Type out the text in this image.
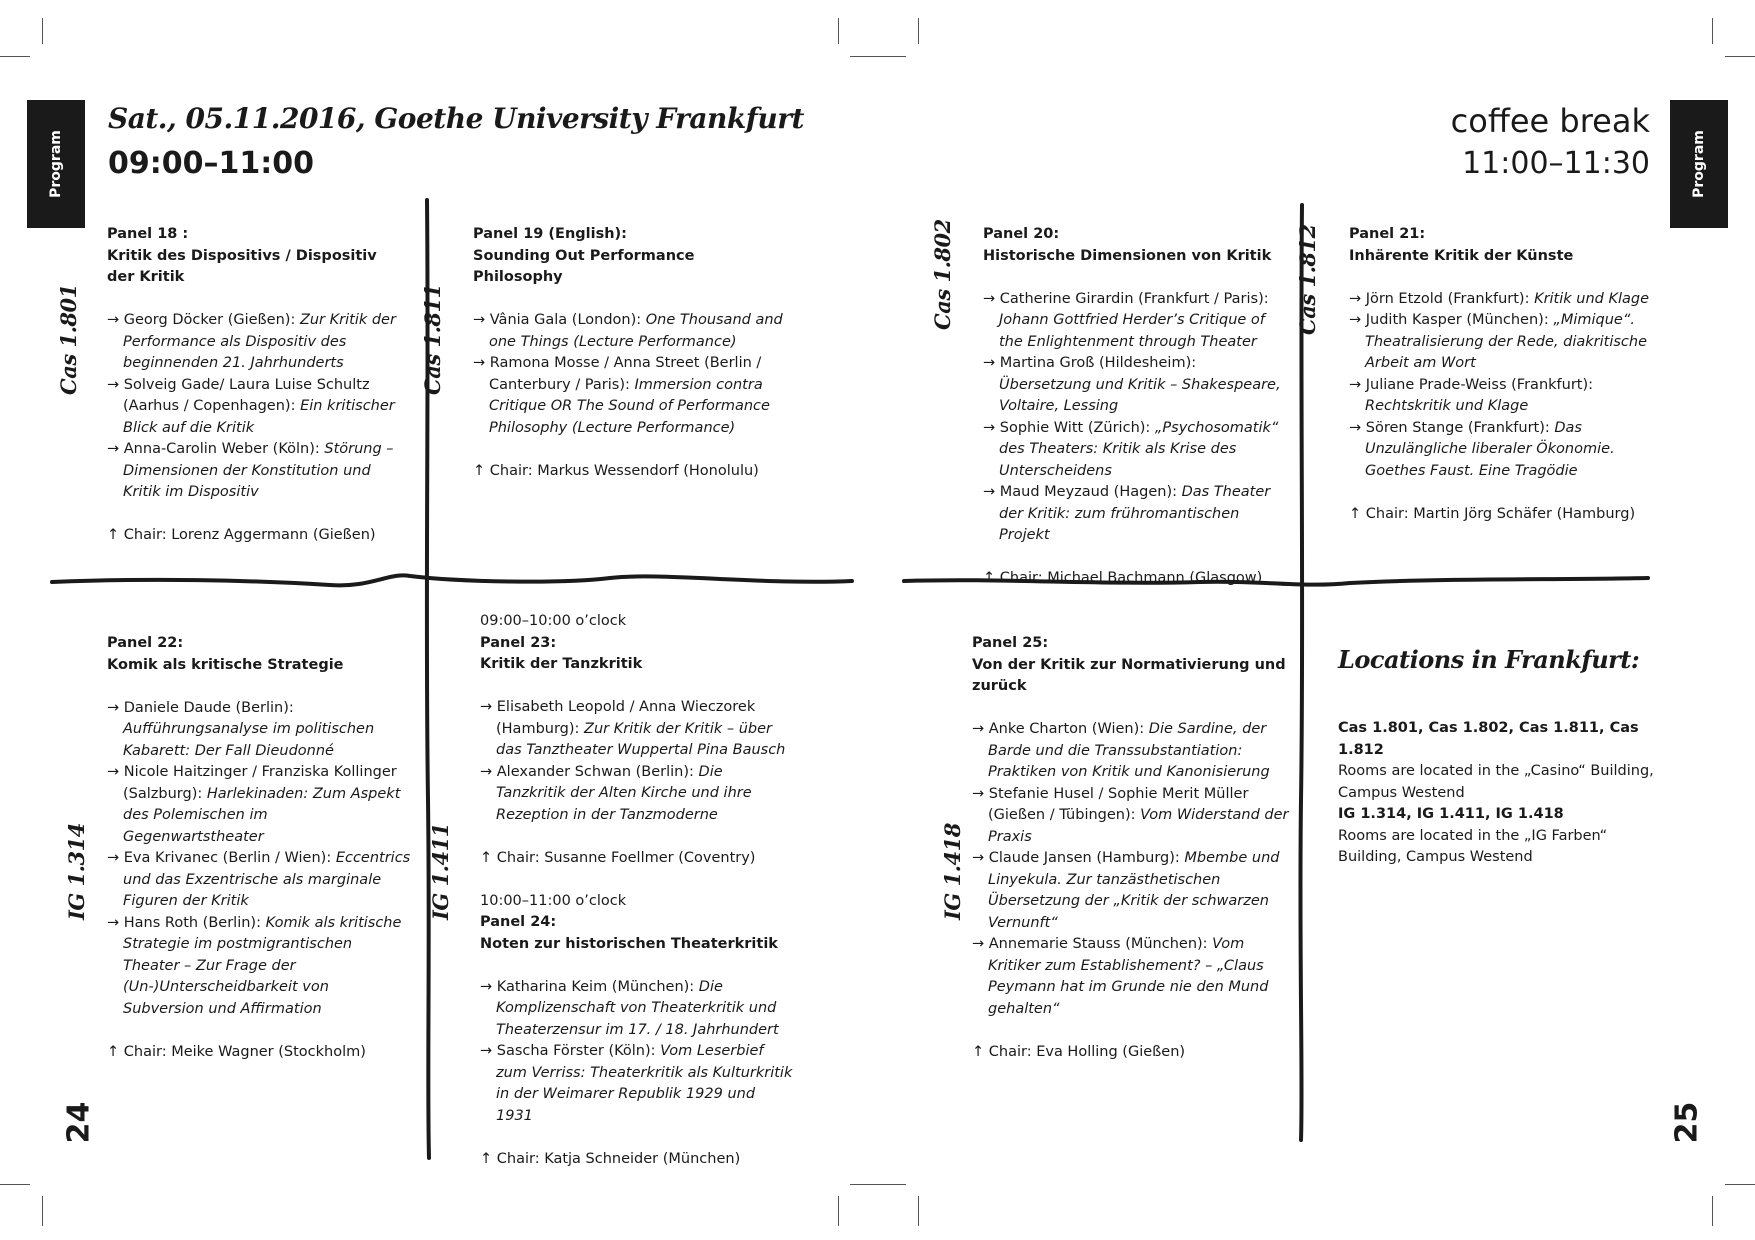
Program	Program
24	25
Sat., 05.11.2016, Goethe University Frankfurt
09:00–11:00
coffee break
11:00–11:30
Cas 1.801	Cas 1.811
IG 1.314	IG 1.411
Cas 1.802	Cas 1.812
IG 1.418
Panel 18 :
Kritik des Dispositivs / Dispositiv der Kritik
→ Georg Döcker (Gießen): Zur Kritik der Performance als Dispositiv des beginnenden 21. Jahrhunderts
→ Solveig Gade/ Laura Luise Schultz (Aarhus / Copenhagen): Ein kritischer Blick auf die Kritik
→ Anna-Carolin Weber (Köln): Störung – Dimensionen der Konstitution und Kritik im Dispositiv
↑ Chair: Lorenz Aggermann (Gießen)
Panel 19 (English):
Sounding Out Performance Philosophy
→ Vânia Gala (London): One Thousand and one Things (Lecture Performance)
→ Ramona Mosse / Anna Street (Berlin / Canterbury / Paris): Immersion contra Critique OR The Sound of Performance Philosophy (Lecture Performance)
↑ Chair: Markus Wessendorf (Honolulu)
Panel 22:
Komik als kritische Strategie
→ Daniele Daude (Berlin): Aufführungsanalyse im politischen Kabarett: Der Fall Dieudonné
→ Nicole Haitzinger / Franziska Kollinger (Salzburg): Harlekinaden: Zum Aspekt des Polemischen im Gegenwartstheater
→ Eva Krivanec (Berlin / Wien): Eccentrics und das Exzentrische als marginale Figuren der Kritik
→ Hans Roth (Berlin): Komik als kritische Strategie im postmigrantischen Theater – Zur Frage der (Un-)Unterscheidbarkeit von Subversion und Affirmation
↑ Chair: Meike Wagner (Stockholm)
09:00–10:00 o’clock
Panel 23:
Kritik der Tanzkritik
→ Elisabeth Leopold / Anna Wieczorek (Hamburg): Zur Kritik der Kritik – über das Tanztheater Wuppertal Pina Bausch
→ Alexander Schwan (Berlin): Die Tanzkritik der Alten Kirche und ihre Rezeption in der Tanzmoderne
↑ Chair: Susanne Foellmer (Coventry)
10:00–11:00 o’clock
Panel 24:
Noten zur historischen Theaterkritik
→ Katharina Keim (München): Die Komplizenschaft von Theaterkritik und Theaterzensur im 17. / 18. Jahrhundert
→ Sascha Förster (Köln): Vom Leserbief zum Verriss: Theaterkritik als Kulturkritik in der Weimarer Republik 1929 und 1931
↑ Chair: Katja Schneider (München)
Panel 20:
Historische Dimensionen von Kritik
→ Catherine Girardin (Frankfurt / Paris): Johann Gottfried Herder’s Critique of the Enlightenment through Theater
→ Martina Groß (Hildesheim): Übersetzung und Kritik – Shakespeare, Voltaire, Lessing
→ Sophie Witt (Zürich): „Psychosomatik“ des Theaters: Kritik als Krise des Unterscheidens
→ Maud Meyzaud (Hagen): Das Theater der Kritik: zum frühromantischen Projekt
↑ Chair: Michael Bachmann (Glasgow)
Panel 21:
Inhärente Kritik der Künste
→ Jörn Etzold (Frankfurt): Kritik und Klage
→ Judith Kasper (München): „Mimique“. Theatralisierung der Rede, diakritische Arbeit am Wort
→ Juliane Prade-Weiss (Frankfurt): Rechtskritik und Klage
→ Sören Stange (Frankfurt): Das Unzulängliche liberaler Ökonomie. Goethes Faust. Eine Tragödie
↑ Chair: Martin Jörg Schäfer (Hamburg)
Panel 25:
Von der Kritik zur Normativierung und zurück
→ Anke Charton (Wien): Die Sardine, der Barde und die Transsubstantiation: Praktiken von Kritik und Kanonisierung
→ Stefanie Husel / Sophie Merit Müller (Gießen / Tübingen): Vom Widerstand der Praxis
→ Claude Jansen (Hamburg): Mbembe und Linyekula. Zur tanzästhetischen Übersetzung der „Kritik der schwarzen Vernunft“
→ Annemarie Stauss (München): Vom Kritiker zum Establishement? – „Claus Peymann hat im Grunde nie den Mund gehalten“
↑ Chair: Eva Holling (Gießen)
Locations in Frankfurt:
Cas 1.801, Cas 1.802, Cas 1.811, Cas 1.812
Rooms are located in the „Casino“ Building, Campus Westend
IG 1.314, IG 1.411, IG 1.418
Rooms are located in the „IG Farben“ Building, Campus Westend
